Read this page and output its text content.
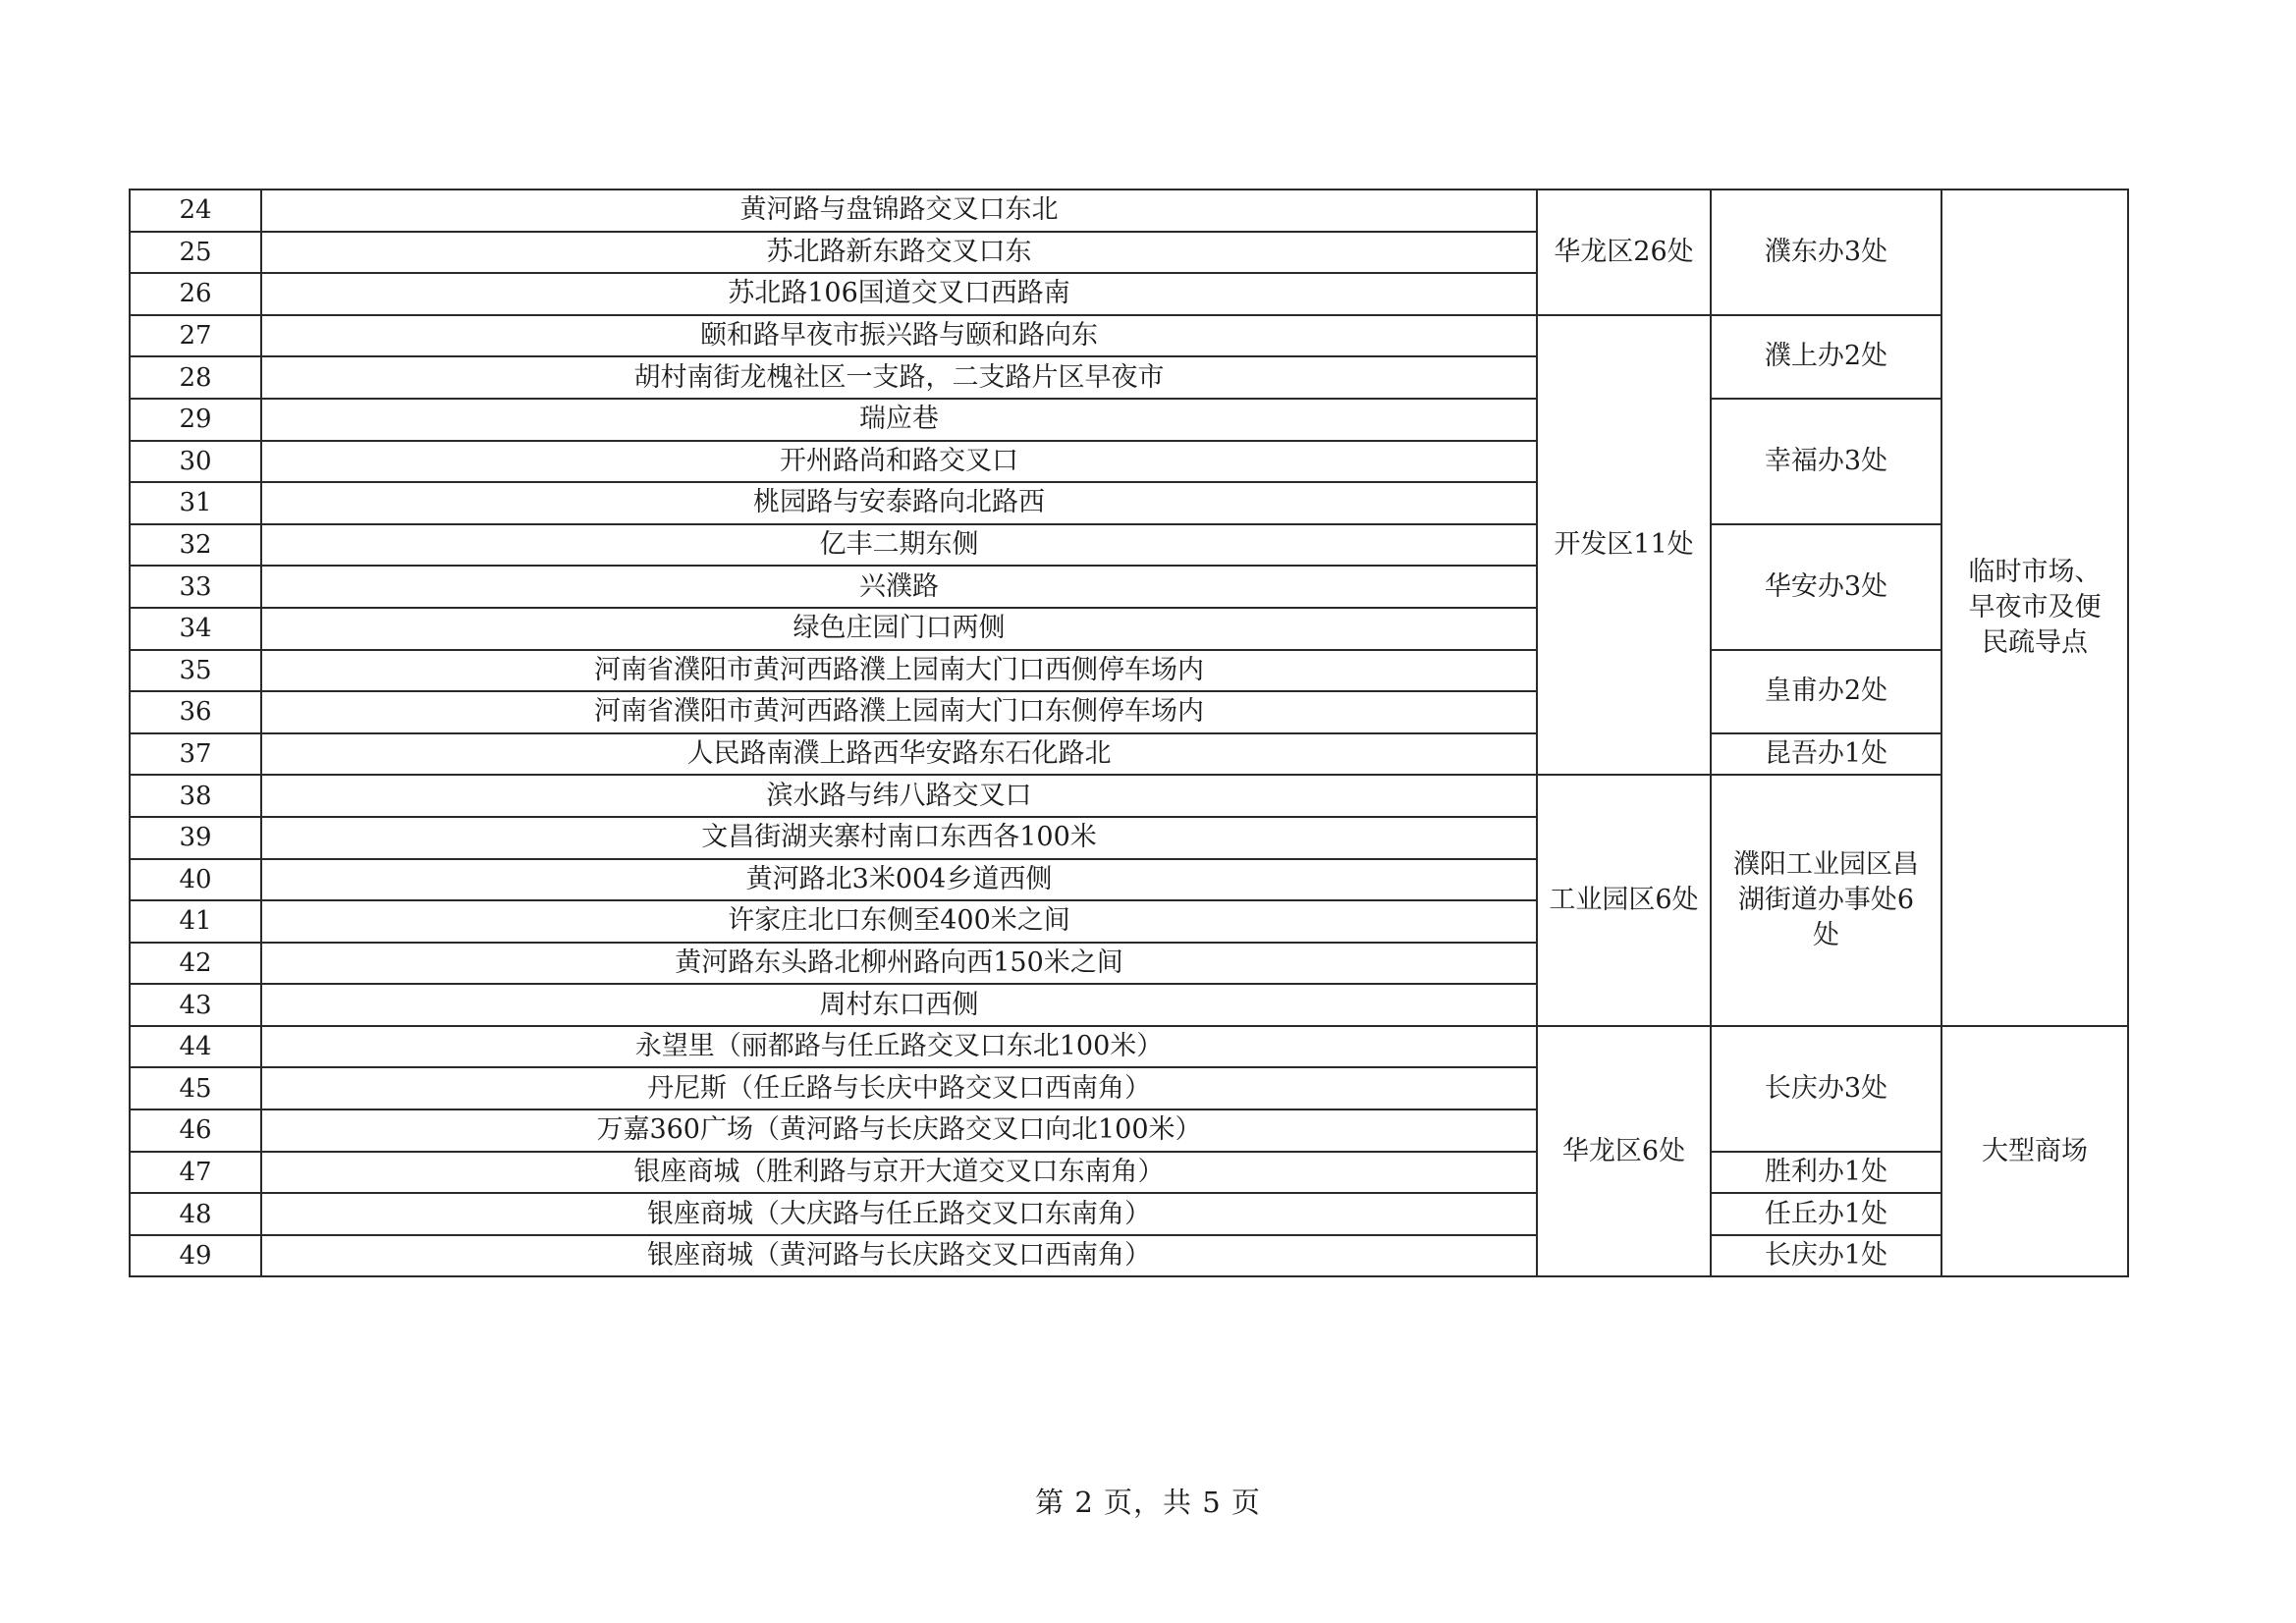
24	黄河路与盘锦路交叉口东北	华龙区26处	濮东办3处	临时市场、早夜市及便民疏导点

25	苏北路新东路交叉口东			
26	苏北路106国道交叉口西路南			
27	颐和路早夜市振兴路与颐和路向东	开发区11处	濮上办2处	
28	胡村南街龙槐社区一支路，二支路片区早夜市			
29	瑞应巷		幸福办3处	
30	开州路尚和路交叉口			
31	桃园路与安泰路向北路西			
32	亿丰二期东侧		华安办3处	
33	兴濮路			
34	绿色庄园门口两侧			
35	河南省濮阳市黄河西路濮上园南大门口西侧停车场内		皇甫办2处	
36	河南省濮阳市黄河西路濮上园南大门口东侧停车场内			
37	人民路南濮上路西华安路东石化路北		昆吾办1处	
38	滨水路与纬八路交叉口	工业园区6处	濮阳工业园区昌湖街道办事处6处	

39	文昌街湖夹寨村南口东西各100米			
40	黄河路北3米004乡道西侧			
41	许家庄北口东侧至400米之间			
42	黄河路东头路北柳州路向西150米之间			
43	周村东口西侧			
44	永望里（丽都路与任丘路交叉口东北100米）	华龙区6处	长庆办3处	大型商场
45	丹尼斯（任丘路与长庆中路交叉口西南角）			
46	万嘉360广场（黄河路与长庆路交叉口向北100米）			
47	银座商城（胜利路与京开大道交叉口东南角）		胜利办1处	
48	银座商城（大庆路与任丘路交叉口东南角）		任丘办1处	
49	银座商城（黄河路与长庆路交叉口西南角）		长庆办1处	
第 2 页，共 5 页
